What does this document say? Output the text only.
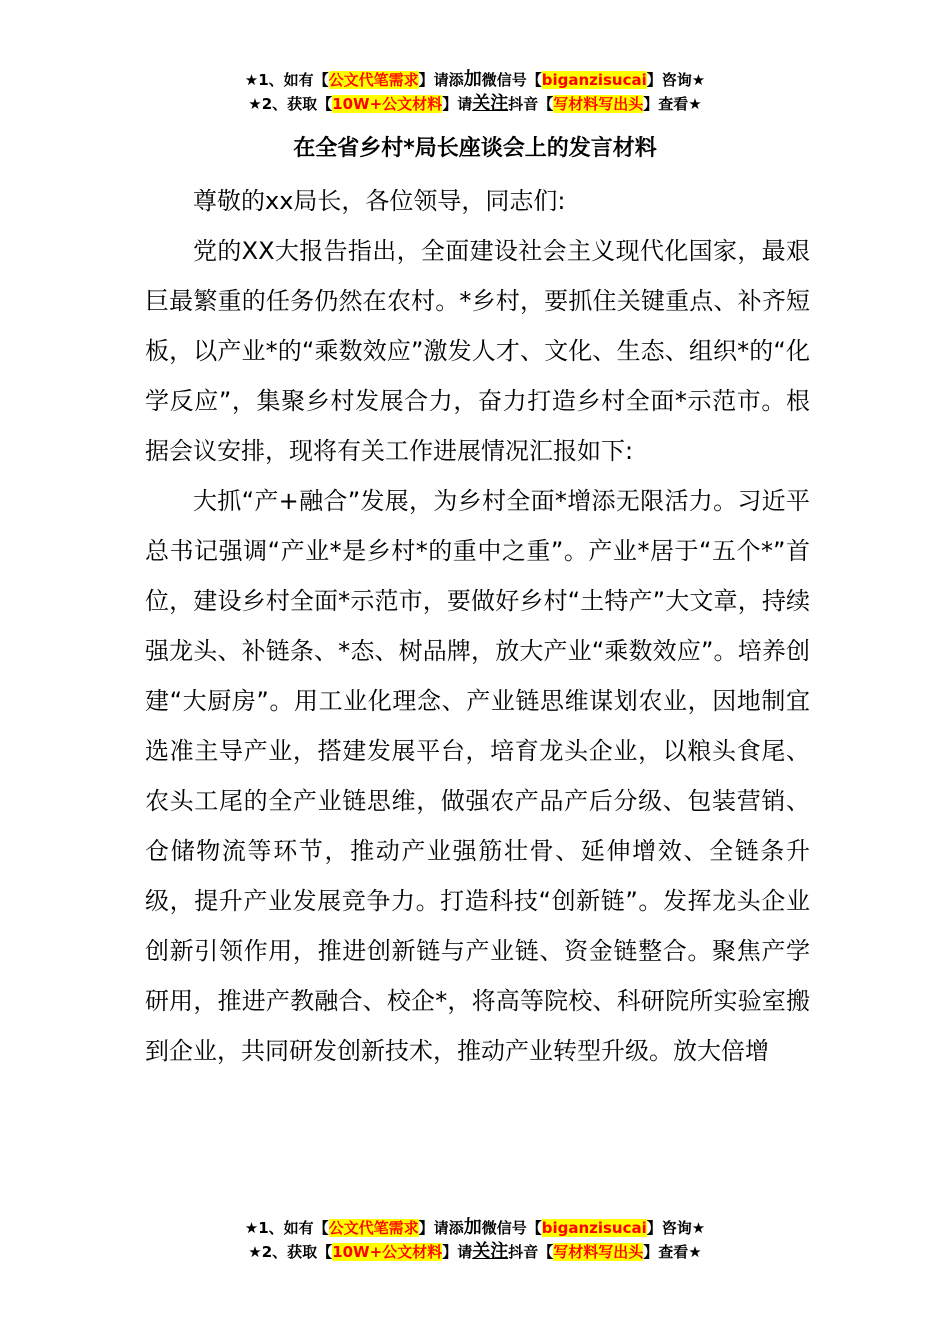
★1、如有【公文代笔需求】请添加微信号【biganzisucai】咨询★
★2、获取【10W+公文材料】请关注抖音【写材料写出头】查看★
在全省乡村*局长座谈会上的发言材料

尊敬的xx局长，各位领导，同志们:

党的XX大报告指出，全面建设社会主义现代化国家，最艰巨最繁重的任务仍然在农村。*乡村，要抓住关键重点、补齐短板，以产业*的“乘数效应”激发人才、文化、生态、组织*的“化学反应”，集聚乡村发展合力，奋力打造乡村全面*示范市。根据会议安排，现将有关工作进展情况汇报如下:

大抓“产+融合”发展，为乡村全面*增添无限活力。习近平总书记强调“产业*是乡村*的重中之重”。产业*居于“五个*”首位，建设乡村全面*示范市，要做好乡村“土特产”大文章，持续强龙头、补链条、*态、树品牌，放大产业“乘数效应”。培养创建“大厨房”。用工业化理念、产业链思维谋划农业，因地制宜选准主导产业，搭建发展平台，培育龙头企业，以粮头食尾、农头工尾的全产业链思维，做强农产品产后分级、包装营销、仓储物流等环节，推动产业强筋壮骨、延伸增效、全链条升级，提升产业发展竞争力。打造科技“创新链”。发挥龙头企业创新引领作用，推进创新链与产业链、资金链整合。聚焦产学研用，推进产教融合、校企*，将高等院校、科研院所实验室搬到企业，共同研发创新技术，推动产业转型升级。放大倍增

★1、如有【公文代笔需求】请添加微信号【biganzisucai】咨询★
★2、获取【10W+公文材料】请关注抖音【写材料写出头】查看★
